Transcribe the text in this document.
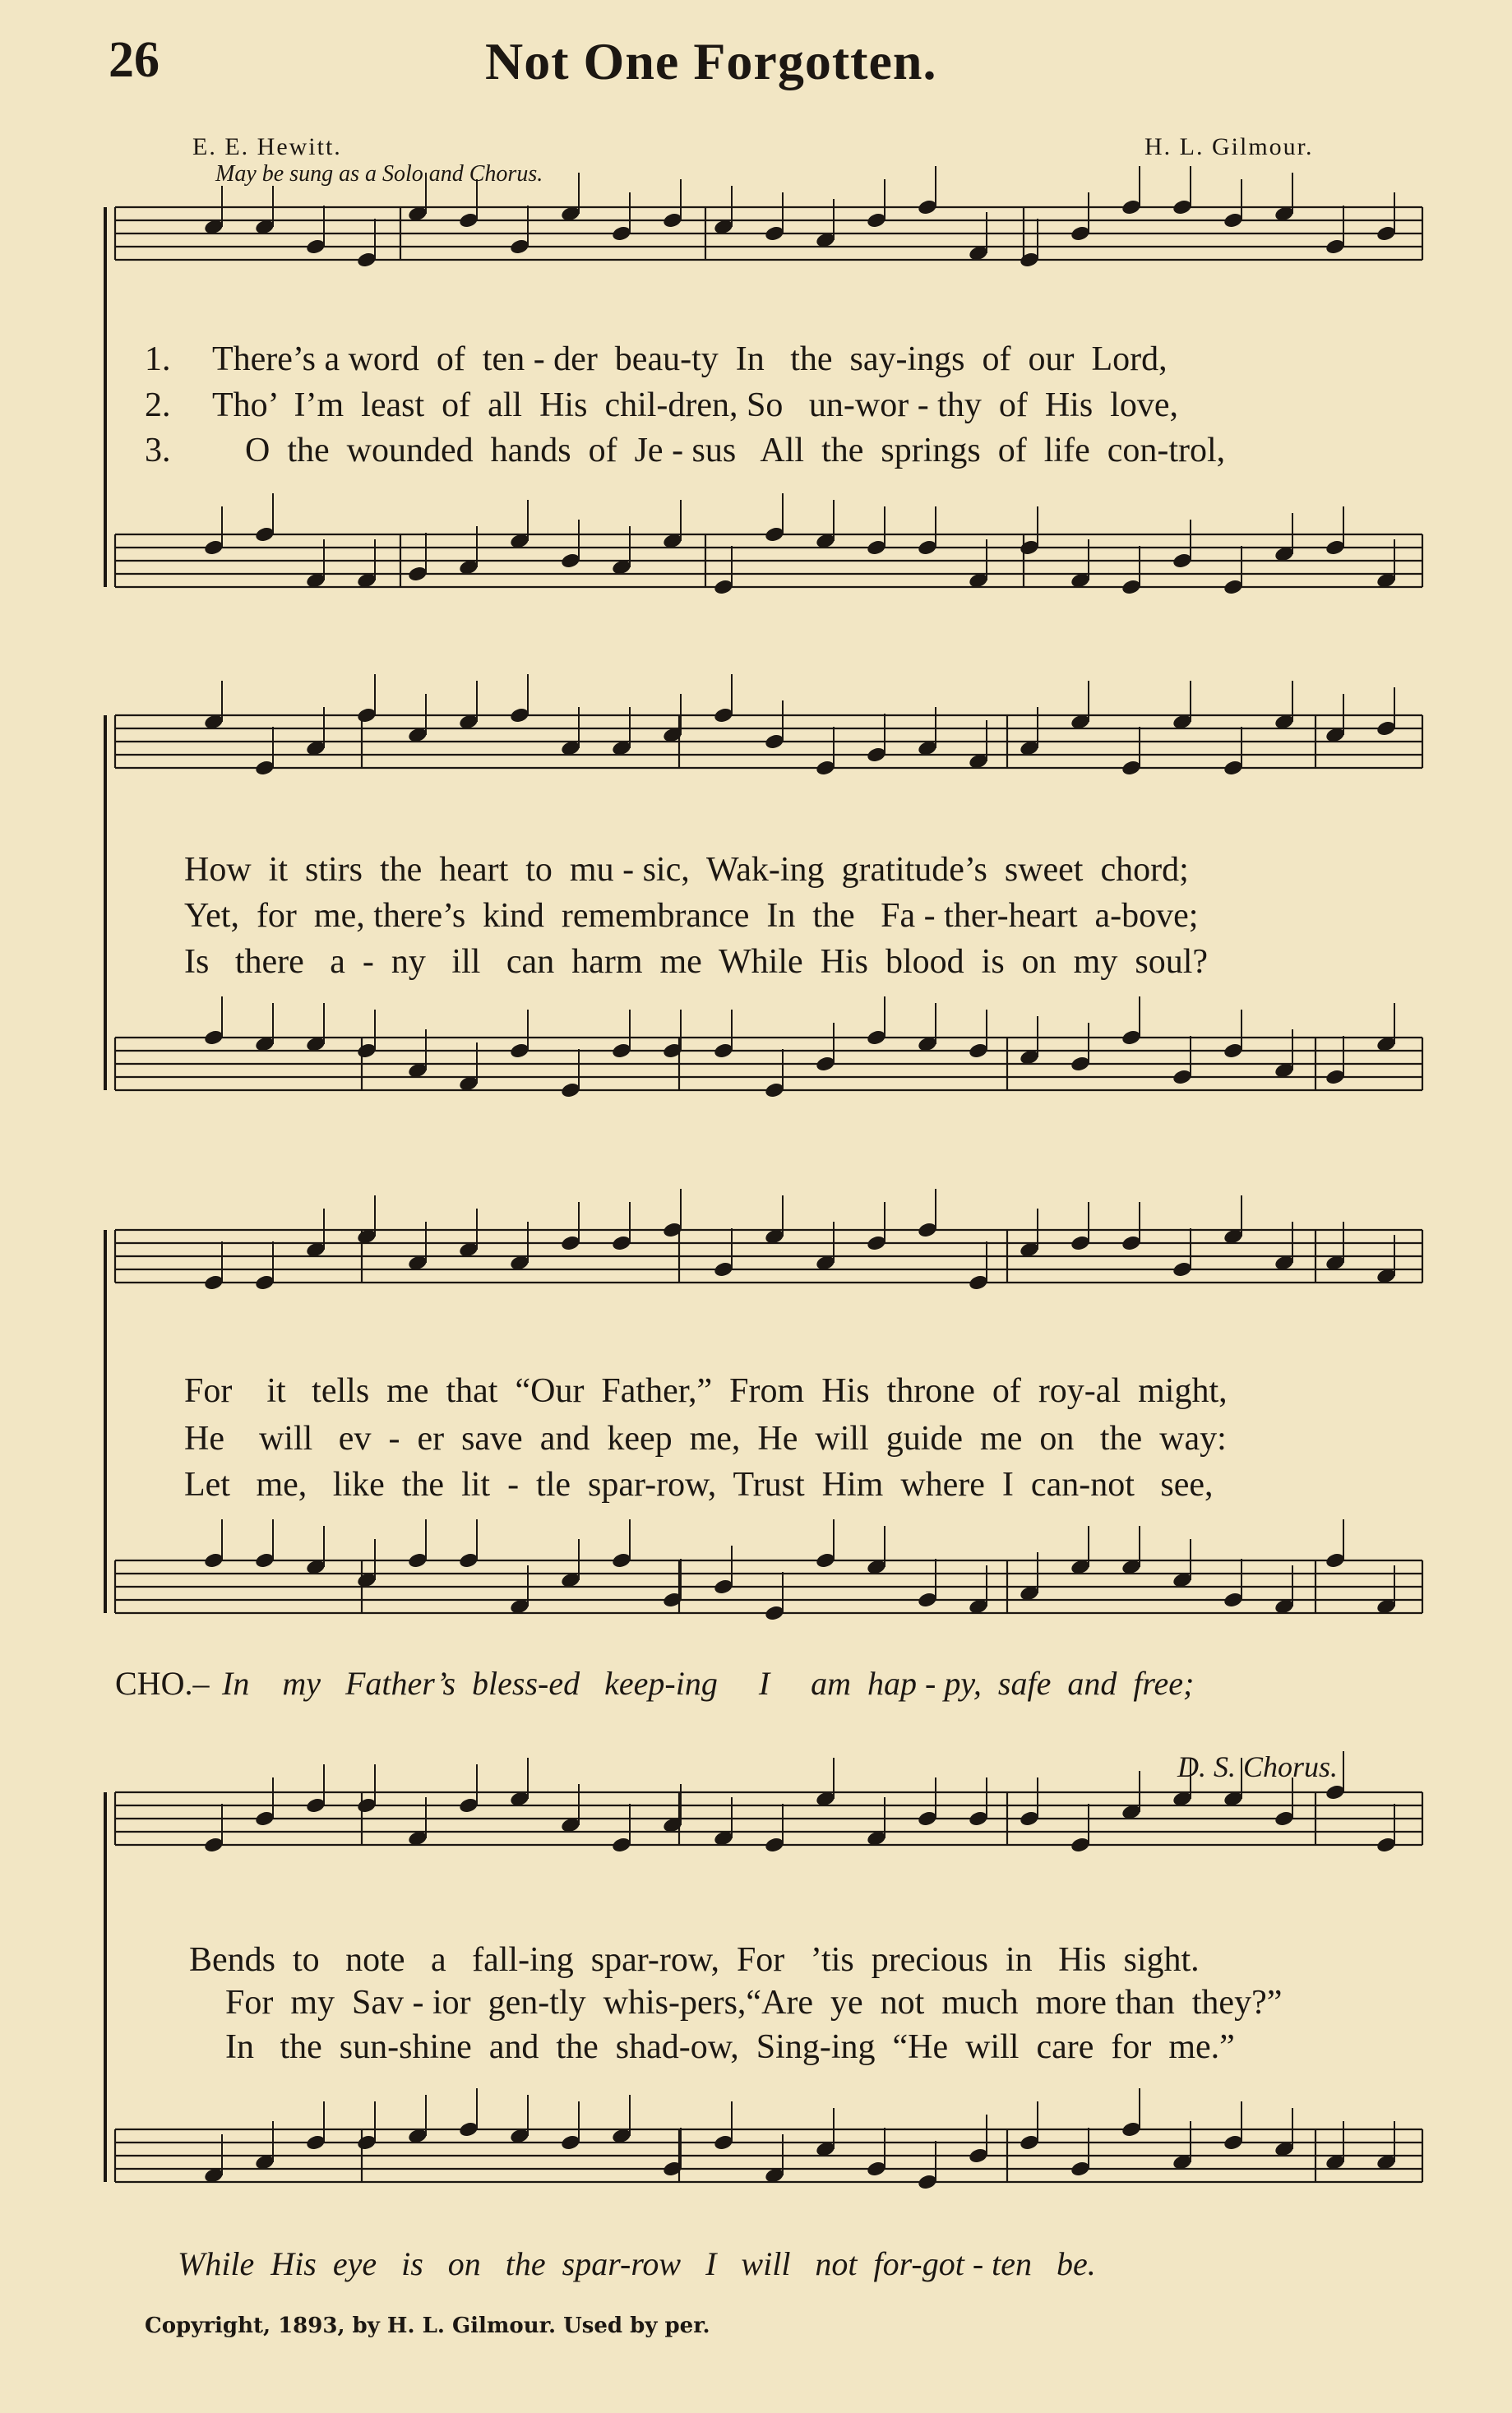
26	Not One Forgotten.
E. E. Hewitt.	H. L. Gilmour.
May be sung as a Solo and Chorus.
1.
2.
3.
There’s a word  of  ten - der  beau-ty  In   the  say-ings  of  our  Lord,
Tho’  I’m  least  of  all  His  chil-dren, So   un-wor - thy  of  His  love,
O  the  wounded  hands  of  Je - sus   All  the  springs  of  life  con-trol,
How  it  stirs  the  heart  to  mu - sic,  Wak-ing  gratitude’s  sweet  chord;
Yet,  for  me, there’s  kind  remembrance  In  the   Fa - ther-heart  a-bove;
Is   there   a  -  ny   ill   can  harm  me  While  His  blood  is  on  my  soul?
For    it   tells  me  that  “Our  Father,”  From  His  throne  of  roy-al  might,
He    will   ev  -  er  save  and  keep  me,  He  will  guide  me  on   the  way:
Let   me,   like  the  lit  -  tle  spar-row,  Trust  Him  where  I  can-not   see,
CHO.– In    my   Father’s  bless-ed   keep-ing     I     am  hap - py,  safe  and  free;
D. S. Chorus.
Bends  to   note   a   fall-ing  spar-row,  For   ’tis  precious  in   His  sight.
For  my  Sav - ior  gen-tly  whis-pers,“Are  ye  not  much  more than  they?”
In   the  sun-shine  and  the  shad-ow,  Sing-ing  “He  will  care  for  me.”
While  His  eye   is   on   the  spar-row   I   will   not  for-got - ten   be.
Copyright, 1893, by H. L. Gilmour. Used by per.
